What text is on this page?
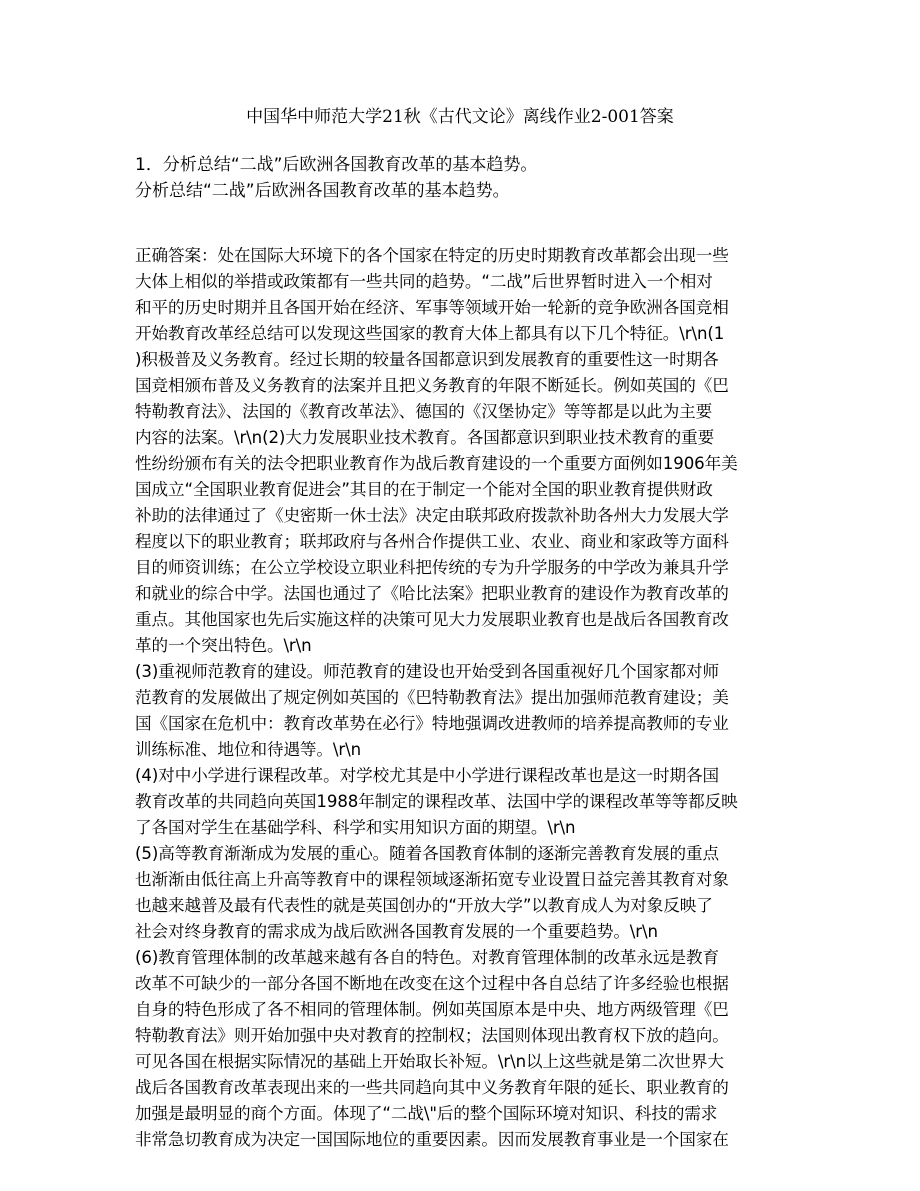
中国华中师范大学21秋《古代文论》离线作业2-001答案
1．分析总结“二战”后欧洲各国教育改革的基本趋势。
分析总结“二战”后欧洲各国教育改革的基本趋势。
正确答案：处在国际大环境下的各个国家在特定的历史时期教育改革都会出现一些
大体上相似的举措或政策都有一些共同的趋势。“二战”后世界暂时进入一个相对
和平的历史时期并且各国开始在经济、军事等领域开始一轮新的竞争欧洲各国竞相
开始教育改革经总结可以发现这些国家的教育大体上都具有以下几个特征。\r\n(1
)积极普及义务教育。经过长期的较量各国都意识到发展教育的重要性这一时期各
国竞相颁布普及义务教育的法案并且把义务教育的年限不断延长。例如英国的《巴
特勒教育法》、法国的《教育改革法》、德国的《汉堡协定》等等都是以此为主要
内容的法案。\r\n(2)大力发展职业技术教育。各国都意识到职业技术教育的重要
性纷纷颁布有关的法令把职业教育作为战后教育建设的一个重要方面例如1906年美
国成立“全国职业教育促进会”其目的在于制定一个能对全国的职业教育提供财政
补助的法律通过了《史密斯一休士法》决定由联邦政府拨款补助各州大力发展大学
程度以下的职业教育；联邦政府与各州合作提供工业、农业、商业和家政等方面科
目的师资训练；在公立学校设立职业科把传统的专为升学服务的中学改为兼具升学
和就业的综合中学。法国也通过了《哈比法案》把职业教育的建设作为教育改革的
重点。其他国家也先后实施这样的决策可见大力发展职业教育也是战后各国教育改
革的一个突出特色。\r\n
(3)重视师范教育的建设。师范教育的建设也开始受到各国重视好几个国家都对师
范教育的发展做出了规定例如英国的《巴特勒教育法》提出加强师范教育建设；美
国《国家在危机中：教育改革势在必行》特地强调改进教师的培养提高教师的专业
训练标准、地位和待遇等。\r\n
(4)对中小学进行课程改革。对学校尤其是中小学进行课程改革也是这一时期各国
教育改革的共同趋向英国1988年制定的课程改革、法国中学的课程改革等等都反映
了各国对学生在基础学科、科学和实用知识方面的期望。\r\n
(5)高等教育渐渐成为发展的重心。随着各国教育体制的逐渐完善教育发展的重点
也渐渐由低往高上升高等教育中的课程领域逐渐拓宽专业设置日益完善其教育对象
也越来越普及最有代表性的就是英国创办的“开放大学”以教育成人为对象反映了
社会对终身教育的需求成为战后欧洲各国教育发展的一个重要趋势。\r\n
(6)教育管理体制的改革越来越有各自的特色。对教育管理体制的改革永远是教育
改革不可缺少的一部分各国不断地在改变在这个过程中各自总结了许多经验也根据
自身的特色形成了各不相同的管理体制。例如英国原本是中央、地方两级管理《巴
特勒教育法》则开始加强中央对教育的控制权；法国则体现出教育权下放的趋向。
可见各国在根据实际情况的基础上开始取长补短。\r\n以上这些就是第二次世界大
战后各国教育改革表现出来的一些共同趋向其中义务教育年限的延长、职业教育的
加强是最明显的商个方面。体现了“二战\"后的整个国际环境对知识、科技的需求
非常急切教育成为决定一国国际地位的重要因素。因而发展教育事业是一个国家在
